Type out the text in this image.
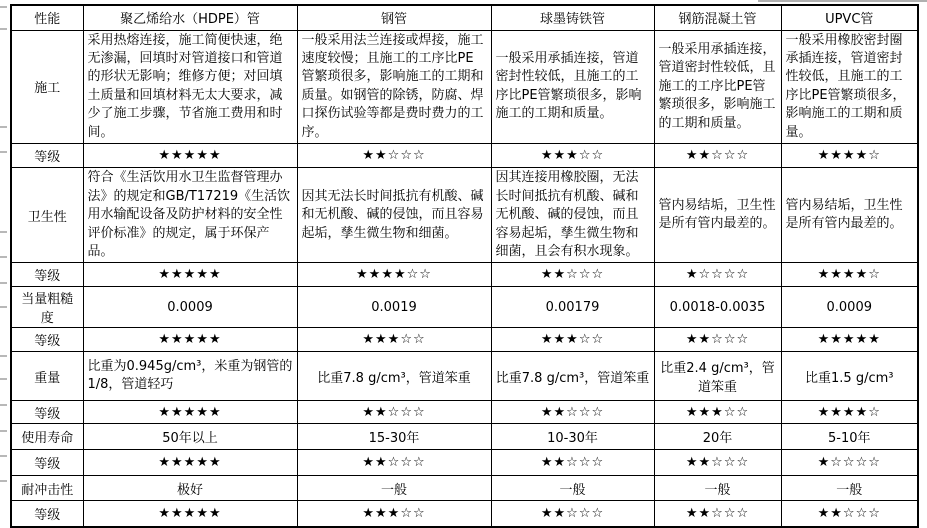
性能	聚乙烯给水（HDPE）管	钢管	球墨铸铁管	钢筋混凝土管	UPVC管
施工	采用热熔连接，施工简便快速，绝无渗漏，回填时对管道接口和管道的形状无影响；维修方便；对回填土质量和回填材料无太大要求，减少了施工步骤，节省施工费用和时间。	一般采用法兰连接或焊接，施工速度较慢；且施工的工序比PE管繁琐很多，影响施工的工期和质量。如钢管的除锈，防腐、焊口探伤试验等都是费时费力的工序。	一般采用承插连接，管道密封性较低，且施工的工序比PE管繁琐很多，影响施工的工期和质量。	一般采用承插连接，管道密封性较低，且施工的工序比PE管繁琐很多，影响施工的工期和质量。	一般采用橡胶密封圈承插连接，管道密封性较低，且施工的工序比PE管繁琐很多，影响施工的工期和质量。
等级	★★★★★	★★☆☆☆	★★★☆☆	★★☆☆☆	★★★★☆
卫生性	符合《生活饮用水卫生监督管理办法》的规定和GB/T17219《生活饮用水输配设备及防护材料的安全性评价标准》的规定，属于环保产品。	因其无法长时间抵抗有机酸、碱和无机酸、碱的侵蚀，而且容易起垢，孳生微生物和细菌。	因其连接用橡胶圈，无法长时间抵抗有机酸、碱和无机酸、碱的侵蚀，而且容易起垢，孳生微生物和细菌，且会有积水现象。	管内易结垢，卫生性是所有管内最差的。	管内易结垢，卫生性是所有管内最差的。
等级	★★★★★	★★★★☆☆	★★☆☆☆	★☆☆☆☆	★★★★☆
当量粗糙度	0.0009	0.0019	0.00179	0.0018-0.0035	0.0009
等级	★★★★★	★★★☆☆	★★★☆☆	★★☆☆☆	★★★★★
重量	比重为0.945g/cm³，米重为钢管的1/8，管道轻巧	比重7.8 g/cm³，管道笨重	比重7.8 g/cm³，管道笨重	比重2.4 g/cm³，管道笨重	比重1.5 g/cm³
等级	★★★★★	★★☆☆☆	★★☆☆☆	★★★☆☆	★★★★☆
使用寿命	50年以上	15-30年	10-30年	20年	5-10年
等级	★★★★★	★★☆☆☆	★★☆☆☆	★★☆☆☆	★☆☆☆☆
耐冲击性	极好	一般	一般	一般	一般
等级	★★★★★	★★★☆☆	★★☆☆☆	★★☆☆☆	★★☆☆☆
